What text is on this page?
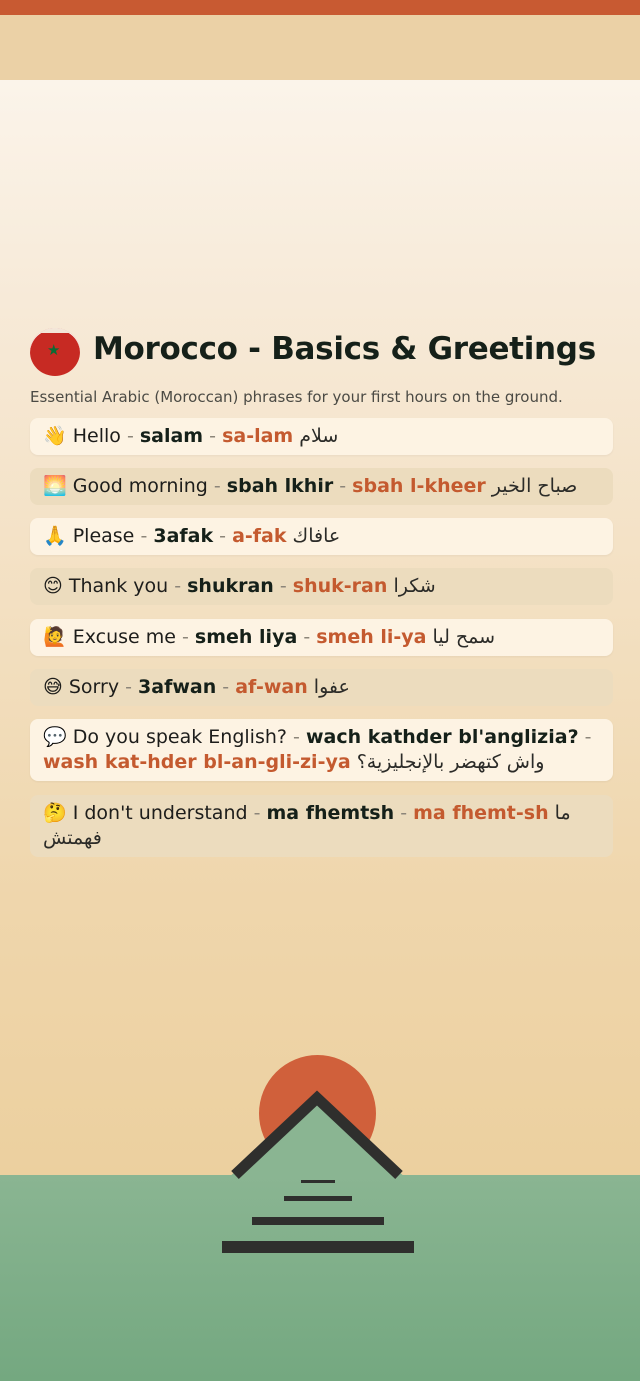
★ Morocco - Basics & Greetings
Essential Arabic (Moroccan) phrases for your first hours on the ground.
👋 Hello - salam - sa-lam سلام
🌅 Good morning - sbah lkhir - sbah l-kheer صباح الخير
🙏 Please - 3afak - a-fak عافاك
😊 Thank you - shukran - shuk-ran شكرا
🙋 Excuse me - smeh liya - smeh li-ya سمح ليا
😅 Sorry - 3afwan - af-wan عفوا
💬 Do you speak English? - wach kathder bl'anglizia? - wash kat-hder bl-an-gli-zi-ya واش كتهضر بالإنجليزية؟
🤔 I don't understand - ma fhemtsh - ma fhemt-sh ما فهمتش
